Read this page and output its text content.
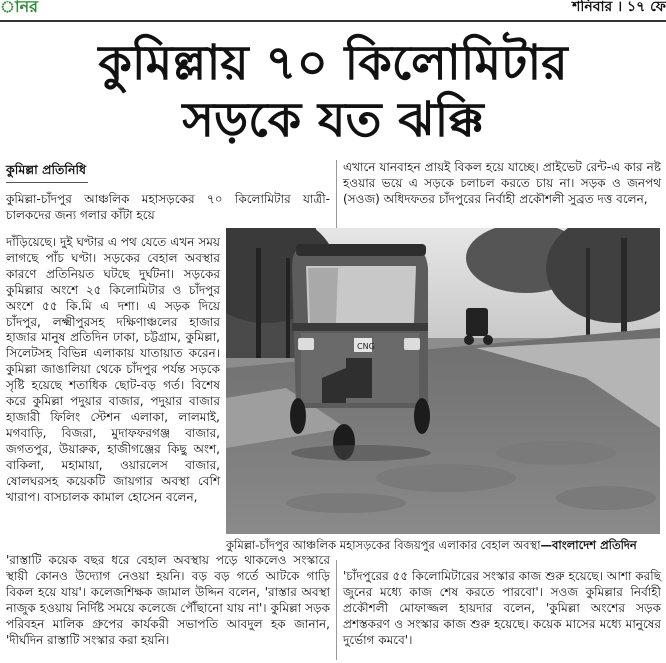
ানর	শনিবার । ১৭ ফে
কুমিল্লায় ৭০ কিলোমিটার
সড়কে যত ঝক্কি
কুমিল্লা প্রতিনিধি

কুমিল্লা-চাঁদপুর আঞ্চলিক মহাসড়কের ৭০ কিলোমিটার যাত্রী-চালকদের জন্য গলার কাঁটা হয়ে

দাঁড়িয়েছে। দুই ঘণ্টার এ পথ যেতে এখন সময় লাগছে পাঁচ ঘণ্টা। সড়কের বেহাল অবস্থার কারণে প্রতিনিয়ত ঘটছে দুর্ঘটনা। সড়কের কুমিল্লার অংশে ২৫ কিলোমিটার ও চাঁদপুর অংশে ৫৫ কি.মি এ দশা। এ সড়ক দিয়ে চাঁদপুর, লক্ষ্মীপুরসহ দক্ষিণাঞ্চলের হাজার হাজার মানুষ প্রতিদিন ঢাকা, চট্টগ্রাম, কুমিল্লা, সিলেটসহ বিভিন্ন এলাকায় যাতায়াত করেন। কুমিল্লা জাঙালিয়া থেকে চাঁদপুর পর্যন্ত সড়কে সৃষ্টি হয়েছে শতাধিক ছোট-বড় গর্ত। বিশেষ করে কুমিল্লা পদুয়ার বাজার, পদুয়ার বাজার হাজারী ফিলিং স্টেশন এলাকা, লালমাই, মগবাড়ি, বিজরা, মুদাফফরগঞ্জ বাজার, জগতপুর, উয়ারুক, হাজীগঞ্জের কিছু অংশ, বাকিলা, মহামায়া, ওয়ারলেস বাজার, ষোলঘরসহ কয়েকটি জায়গার অবস্থা বেশি খারাপ। বাসচালক কামাল হোসেন বলেন,

'রাস্তাটি কয়েক বছর ধরে বেহাল অবস্থায় পড়ে থাকলেও সংস্কারে স্থায়ী কোনও উদ্যোগ নেওয়া হয়নি। বড় বড় গর্তে আটকে গাড়ি বিকল হয়ে যায়'। কলেজশিক্ষক জামাল উদ্দিন বলেন, 'রাস্তার অবস্থা নাজুক হওয়ায় নির্দিষ্ট সময়ে কলেজে পৌঁছানো যায় না'। কুমিল্লা সড়ক পরিবহন মালিক গ্রুপের কার্যকরী সভাপতি আবদুল হক জানান, 'দীর্ঘদিন রাস্তাটি সংস্কার করা হয়নি।

এখানে যানবাহন প্রায়ই বিকল হয়ে যাচ্ছে। প্রাইভেট রেন্ট-এ কার নষ্ট হওয়ার ভয়ে এ সড়কে চলাচল করতে চায় না। সড়ক ও জনপথ (সওজ) অধিদফতর চাঁদপুরের নির্বাহী প্রকৌশলী সুব্রত দত্ত বলেন,

CNG
কুমিল্লা-চাঁদপুর আঞ্চলিক মহাসড়কের বিজয়পুর এলাকার বেহাল অবস্থা—বাংলাদেশ প্রতিদিন

'চাঁদপুরের ৫৫ কিলোমিটারের সংস্কার কাজ শুরু হয়েছে। আশা করছি জুনের মধ্যে কাজ শেষ করতে পারবো'। সওজ কুমিল্লার নির্বাহী প্রকৌশলী মোফাজ্জল হায়দার বলেন, 'কুমিল্লা অংশের সড়ক প্রশস্তকরণ ও সংস্কার কাজ শুরু হয়েছে। কয়েক মাসের মধ্যে মানুষের দুর্ভোগ কমবে'।
